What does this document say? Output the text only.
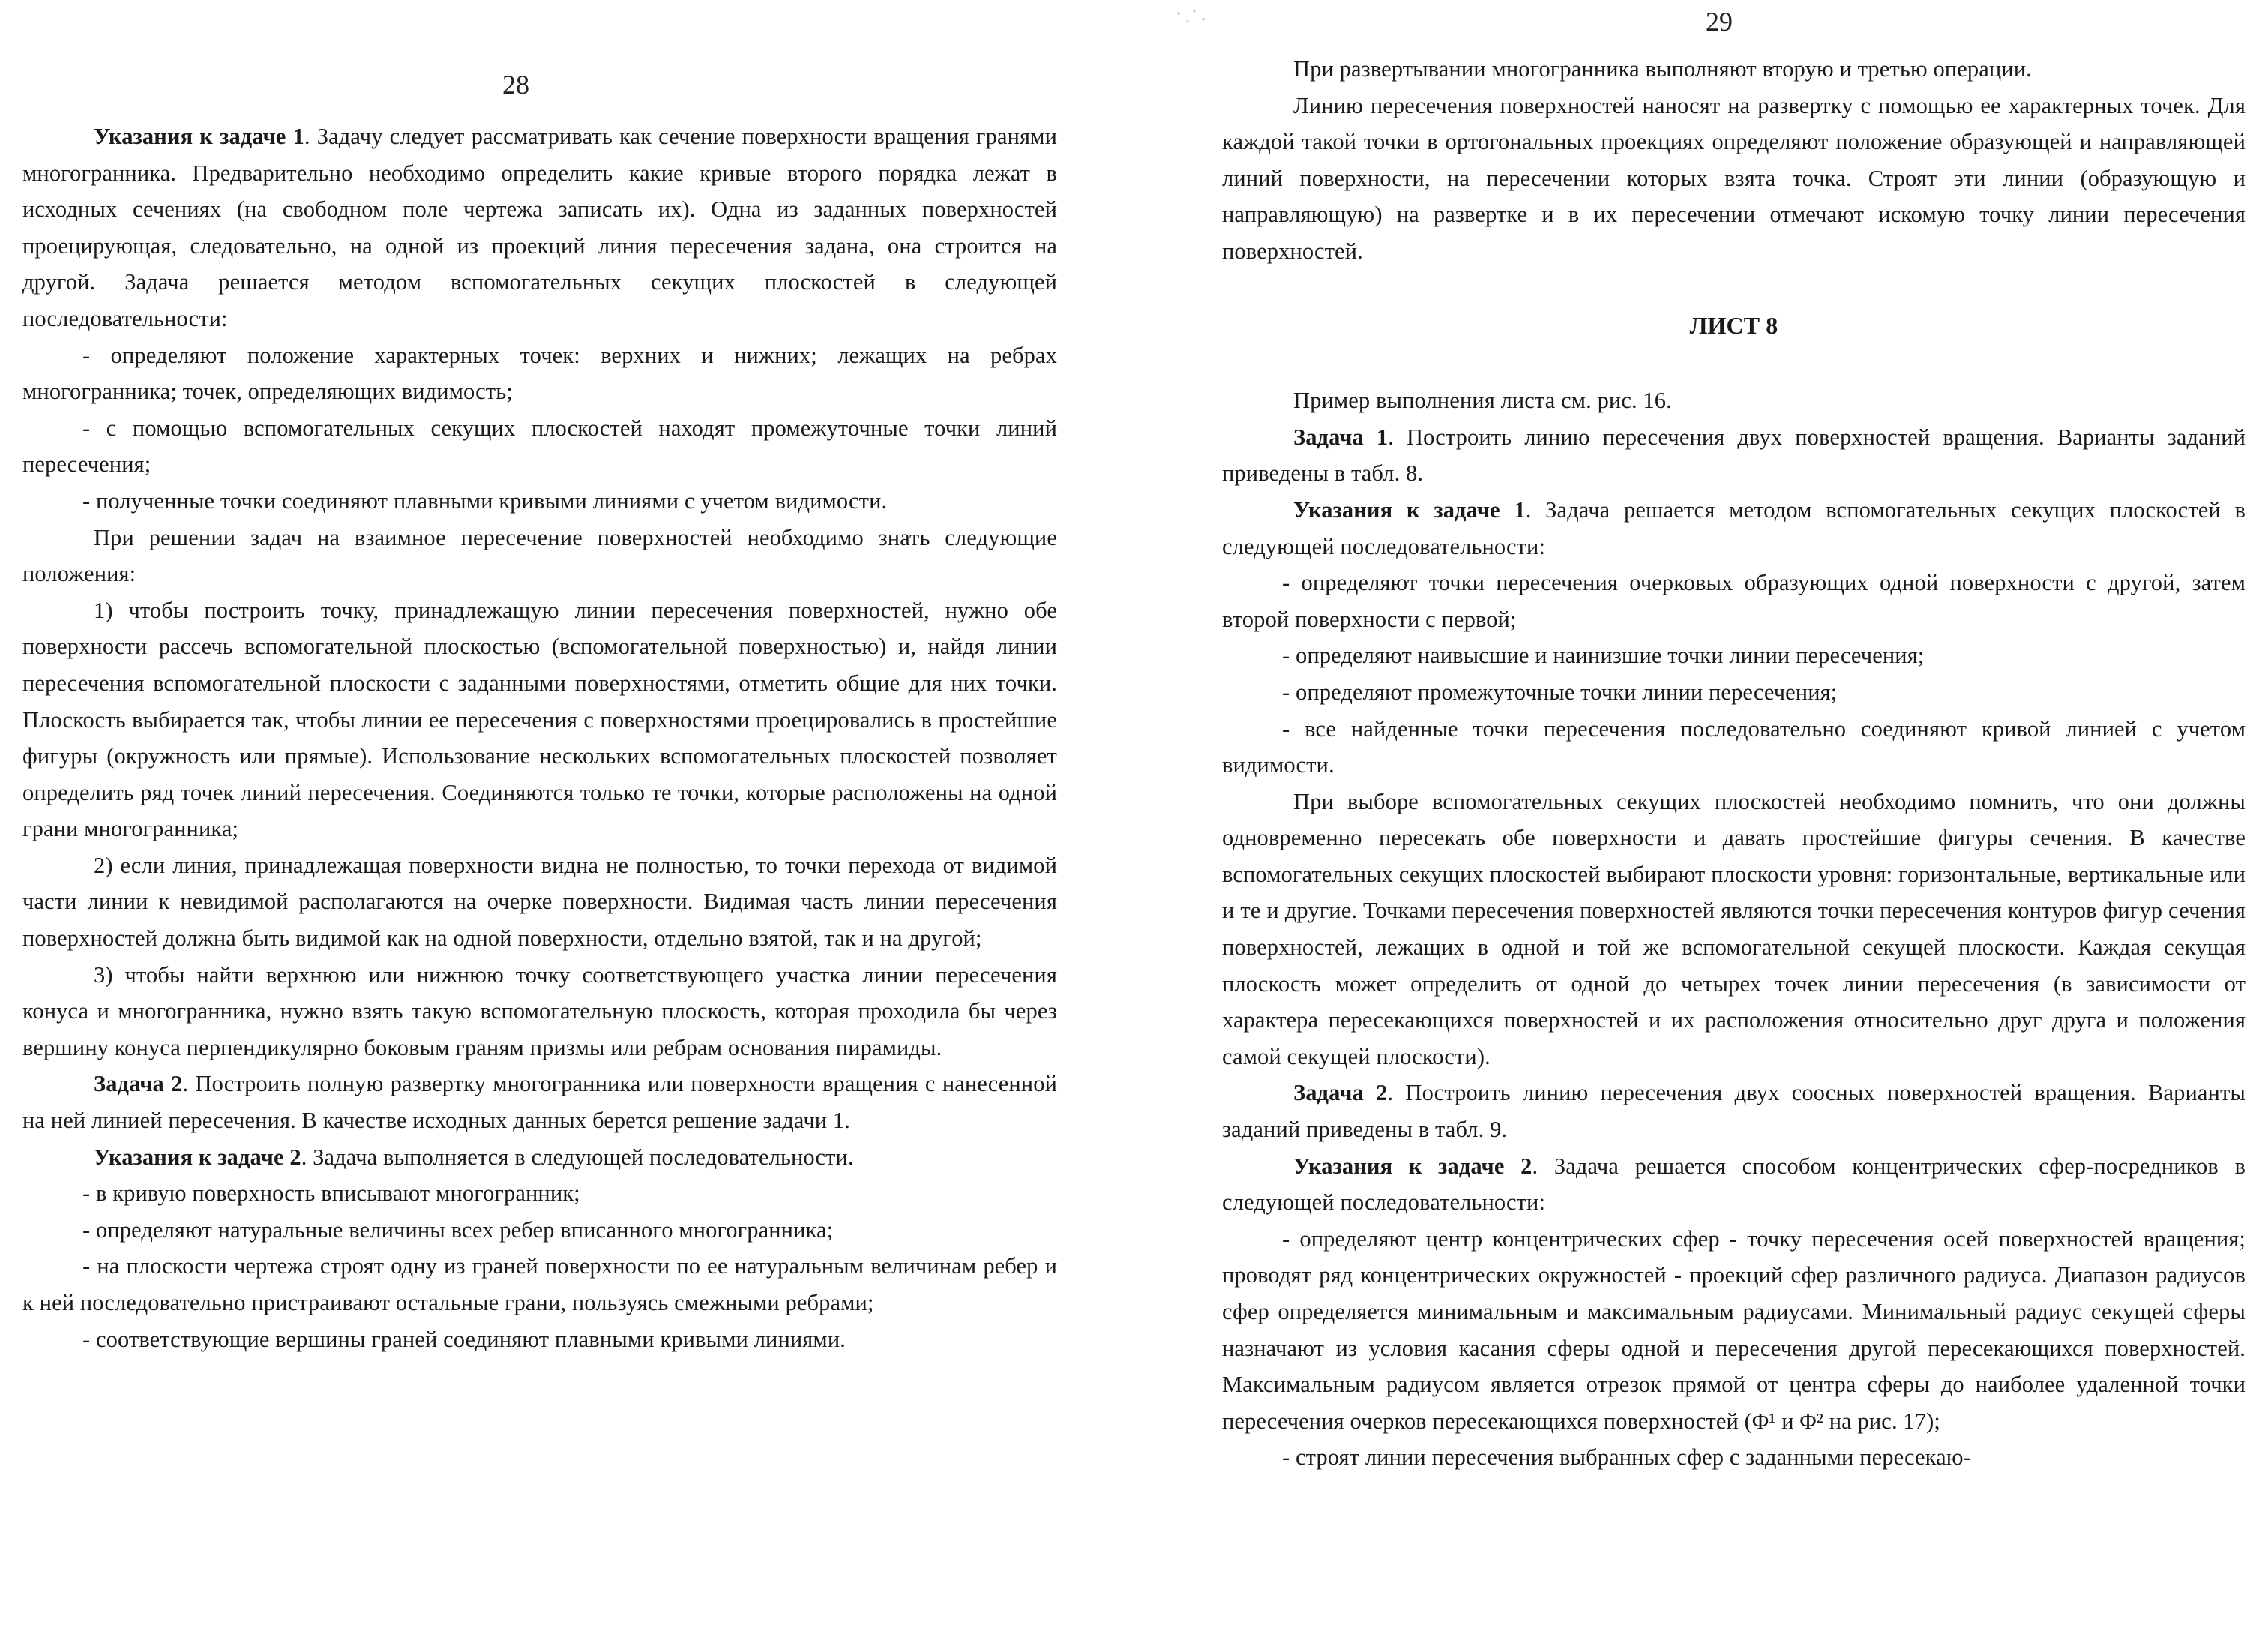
28

Указания к задаче 1. Задачу следует рассматривать как сечение поверхности вращения гранями многогранника. Предварительно необходимо определить какие кривые второго порядка лежат в исходных сечениях (на свободном поле чертежа записать их). Одна из заданных поверхностей проецирующая, следовательно, на одной из проекций линия пересечения задана, она строится на другой. Задача решается методом вспомогательных секущих плоскостей в следующей последовательности:

- определяют положение характерных точек: верхних и нижних; лежащих на ребрах многогранника; точек, определяющих видимость;

- с помощью вспомогательных секущих плоскостей находят промежуточные точки линий пересечения;

- полученные точки соединяют плавными кривыми линиями с учетом видимости.

При решении задач на взаимное пересечение поверхностей необходимо знать следующие положения:

1) чтобы построить точку, принадлежащую линии пересечения поверхностей, нужно обе поверхности рассечь вспомогательной плоскостью (вспомогательной поверхностью) и, найдя линии пересечения вспомогательной плоскости с заданными поверхностями, отметить общие для них точки. Плоскость выбирается так, чтобы линии ее пересечения с поверхностями проецировались в простейшие фигуры (окружность или прямые). Использование нескольких вспомогательных плоскостей позволяет определить ряд точек линий пересечения. Соединяются только те точки, которые расположены на одной грани многогранника;

2) если линия, принадлежащая поверхности видна не полностью, то точки перехода от видимой части линии к невидимой располагаются на очерке поверхности. Видимая часть линии пересечения поверхностей должна быть видимой как на одной поверхности, отдельно взятой, так и на другой;

3) чтобы найти верхнюю или нижнюю точку соответствующего участка линии пересечения конуса и многогранника, нужно взять такую вспомогательную плоскость, которая проходила бы через вершину конуса перпендикулярно боковым граням призмы или ребрам основания пирамиды.

Задача 2. Построить полную развертку многогранника или поверхности вращения с нанесенной на ней линией пересечения. В качестве исходных данных берется решение задачи 1.

Указания к задаче 2. Задача выполняется в следующей последовательности.

- в кривую поверхность вписывают многогранник;

- определяют натуральные величины всех ребер вписанного многогранника;

- на плоскости чертежа строят одну из граней поверхности по ее натуральным величинам ребер и к ней последовательно пристраивают остальные грани, пользуясь смежными ребрами;

- соответствующие вершины граней соединяют плавными кривыми линиями.

29

При развертывании многогранника выполняют вторую и третью операции.

Линию пересечения поверхностей наносят на развертку с помощью ее характерных точек. Для каждой такой точки в ортогональных проекциях определяют положение образующей и направляющей линий поверхности, на пересечении которых взята точка. Строят эти линии (образующую и направляющую) на развертке и в их пересечении отмечают искомую точку линии пересечения поверхностей.

ЛИСТ 8

Пример выполнения листа см. рис. 16.

Задача 1. Построить линию пересечения двух поверхностей вращения. Варианты заданий приведены в табл. 8.

Указания к задаче 1. Задача решается методом вспомогательных секущих плоскостей в следующей последовательности:

- определяют точки пересечения очерковых образующих одной поверхности с другой, затем второй поверхности с первой;

- определяют наивысшие и наинизшие точки линии пересечения;

- определяют промежуточные точки линии пересечения;

- все найденные точки пересечения последовательно соединяют кривой линией с учетом видимости.

При выборе вспомогательных секущих плоскостей необходимо помнить, что они должны одновременно пересекать обе поверхности и давать простейшие фигуры сечения. В качестве вспомогательных секущих плоскостей выбирают плоскости уровня: горизонтальные, вертикальные или и те и другие. Точками пересечения поверхностей являются точки пересечения контуров фигур сечения поверхностей, лежащих в одной и той же вспомогательной секущей плоскости. Каждая секущая плоскость может определить от одной до четырех точек линии пересечения (в зависимости от характера пересекающихся поверхностей и их расположения относительно друг друга и положения самой секущей плоскости).

Задача 2. Построить линию пересечения двух соосных поверхностей вращения. Варианты заданий приведены в табл. 9.

Указания к задаче 2. Задача решается способом концентрических сфер-посредников в следующей последовательности:

- определяют центр концентрических сфер - точку пересечения осей поверхностей вращения; проводят ряд концентрических окружностей - проекций сфер различного радиуса. Диапазон радиусов сфер определяется минимальным и максимальным радиусами. Минимальный радиус секущей сферы назначают из условия касания сферы одной и пересечения другой пересекающихся поверхностей. Максимальным радиусом является отрезок прямой от центра сферы до наиболее удаленной точки пересечения очерков пересекающихся поверхностей (Φ¹ и Φ² на рис. 17);

- строят линии пересечения выбранных сфер с заданными пересекаю-
